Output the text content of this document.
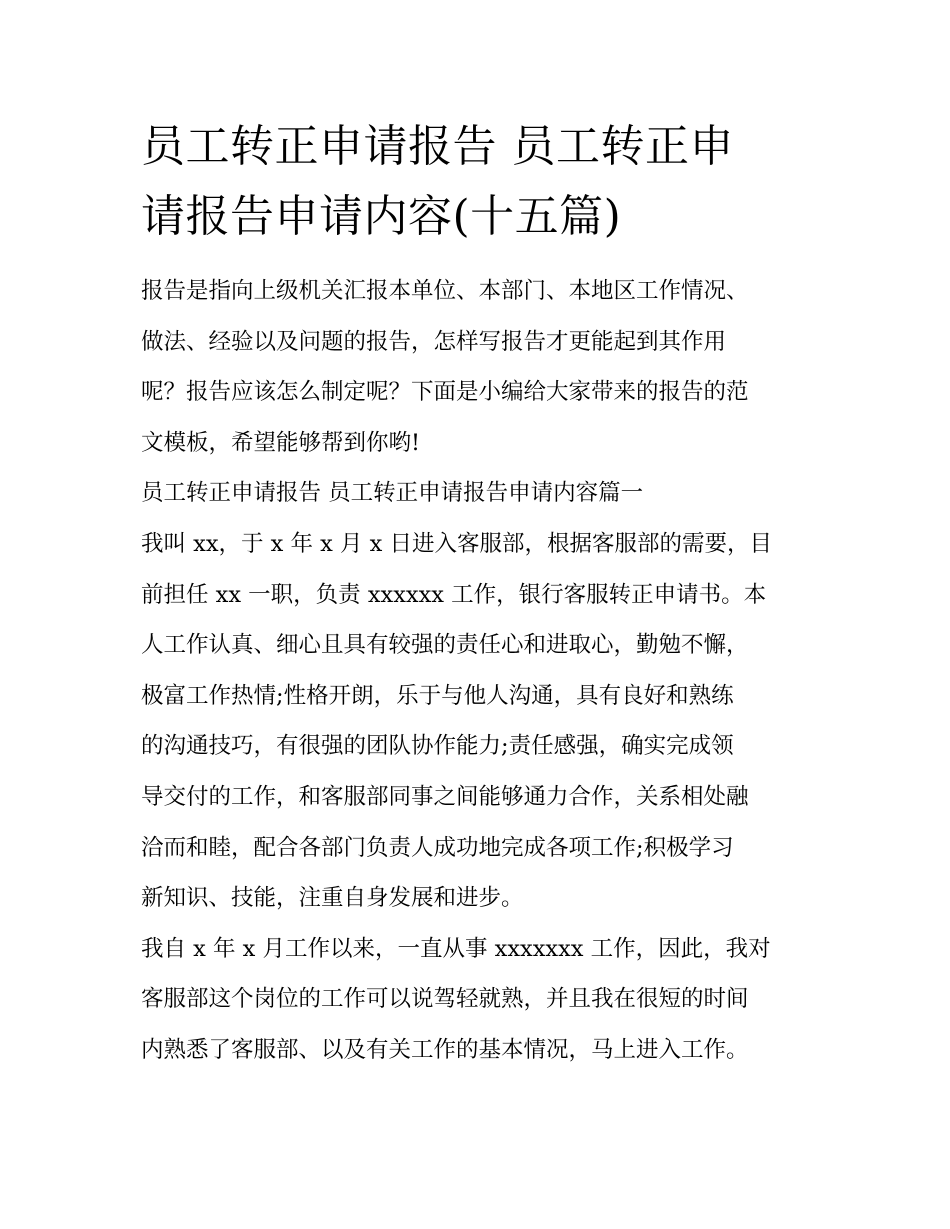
员工转正申请报告 员工转正申
请报告申请内容(十五篇)

报告是指向上级机关汇报本单位、本部门、本地区工作情况、
做法、经验以及问题的报告，怎样写报告才更能起到其作用
呢？报告应该怎么制定呢？下面是小编给大家带来的报告的范
文模板，希望能够帮到你哟!

员工转正申请报告 员工转正申请报告申请内容篇一

我叫 xx，于 x 年 x 月 x 日进入客服部，根据客服部的需要，目
前担任 xx 一职，负责 xxxxxx 工作，银行客服转正申请书。本
人工作认真、细心且具有较强的责任心和进取心，勤勉不懈，
极富工作热情;性格开朗，乐于与他人沟通，具有良好和熟练
的沟通技巧，有很强的团队协作能力;责任感强，确实完成领
导交付的工作，和客服部同事之间能够通力合作，关系相处融
洽而和睦，配合各部门负责人成功地完成各项工作;积极学习
新知识、技能，注重自身发展和进步。

我自 x 年 x 月工作以来，一直从事 xxxxxxx 工作，因此，我对
客服部这个岗位的工作可以说驾轻就熟，并且我在很短的时间
内熟悉了客服部、以及有关工作的基本情况，马上进入工作。
